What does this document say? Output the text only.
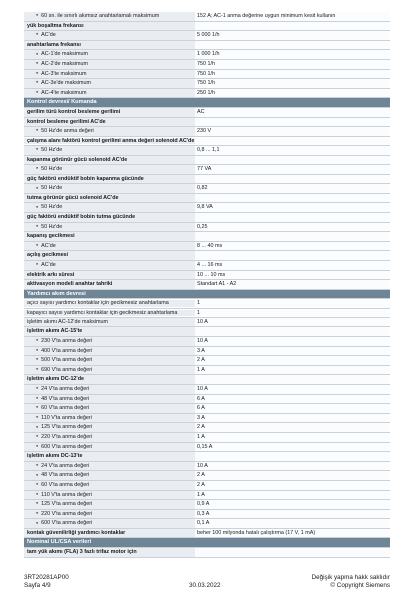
● 60 sn. ile sınırlı akımsız anahtarlamalı maksimum	152 A; AC-1 anma değerine uygun minimum kesit kullanın
yük boşaltma frekansı
● AC'de	5 000 1/h
anahtarlama frekansı
● AC-1'de maksimum	1 000 1/h
● AC-2'de maksimum	750 1/h
● AC-3'te maksimum	750 1/h
● AC-3e'de maksimum	750 1/h
● AC-4'te maksimum	250 1/h
Kontrol devresi/ Kumanda
gerilim türü kontrol besleme gerilimi	AC
kontrol besleme gerilimi AC'de
● 50 Hz'de anma değeri	230 V
çalışma alanı faktörü kontrol gerilimi anma değeri solenoid AC'de
● 50 Hz'de	0,8 ... 1,1
kapanma görünür gücü solenoid AC'de
● 50 Hz'de	77 VA
güç faktörü endüktif bobin kapanma gücünde
● 50 Hz'de	0,82
tutma görünür gücü solenoid AC'de
● 50 Hz'de	9,8 VA
güç faktörü endüktif bobin tutma gücünde
● 50 Hz'de	0,25
kapanış gecikmesi
● AC'de	8 ... 40 ms
açılış gecikmesi
● AC'de	4 ... 16 ms
elektrik arkı süresi	10 ... 10 ms
aktivasyon modeli anahtar tahriki	Standart A1 - A2
Yardımcı akım devresi
açıcı sayısı yardımcı kontaklar için gecikmesiz anahtarlama	1
kapayıcı sayısı yardımcı kontaklar için gecikmesiz anahtarlama	1
işletim akımı AC-12'de maksimum	10 A
işletim akımı AC-15'te
● 230 V'ta anma değeri	10 A
● 400 V'ta anma değeri	3 A
● 500 V'ta anma değeri	2 A
● 690 V'ta anma değeri	1 A
işletim akımı DC-12'de
● 24 V'ta anma değeri	10 A
● 48 V'ta anma değeri	6 A
● 60 V'ta anma değeri	6 A
● 110 V'ta anma değeri	3 A
● 125 V'ta anma değeri	2 A
● 220 V'ta anma değeri	1 A
● 600 V'ta anma değeri	0,15 A
işletim akımı DC-13'te
● 24 V'ta anma değeri	10 A
● 48 V'ta anma değeri	2 A
● 60 V'ta anma değeri	2 A
● 110 V'ta anma değeri	1 A
● 125 V'ta anma değeri	0,9 A
● 220 V'ta anma değeri	0,3 A
● 600 V'ta anma değeri	0,1 A
kontak güvenilirliği yardımcı kontaklar	beher 100 milyonda hatalı çalıştırma (17 V, 1 mA)
Nominal UL/CSA verileri
tam yük akımı (FLA) 3 fazlı trifaz motor için
3RT20281AP00
Sayfa 4/9	30.03.2022
Değişik yapma hakk saklıdır
© Copyright Siemens
